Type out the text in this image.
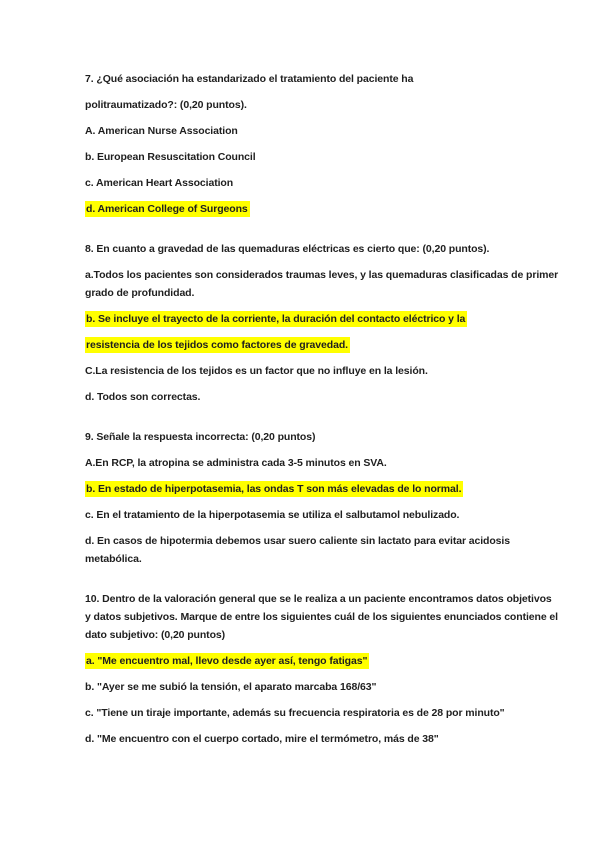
7. ¿Qué asociación ha estandarizado el tratamiento del paciente ha
politraumatizado?: (0,20 puntos).
A. American Nurse Association
b. European Resuscitation Council
c. American Heart Association
d. American College of Surgeons
8. En cuanto a gravedad de las quemaduras eléctricas es cierto que: (0,20 puntos).
a.Todos los pacientes son considerados traumas leves, y las quemaduras clasificadas de primer
grado de profundidad.
b. Se incluye el trayecto de la corriente, la duración del contacto eléctrico y la
resistencia de los tejidos como factores de gravedad.
C.La resistencia de los tejidos es un factor que no influye en la lesión.
d. Todos son correctas.
9. Señale la respuesta incorrecta: (0,20 puntos)
A.En RCP, la atropina se administra cada 3-5 minutos en SVA.
b. En estado de hiperpotasemia, las ondas T son más elevadas de lo normal.
c. En el tratamiento de la hiperpotasemia se utiliza el salbutamol nebulizado.
d. En casos de hipotermia debemos usar suero caliente sin lactato para evitar acidosis
metabólica.
10. Dentro de la valoración general que se le realiza a un paciente encontramos datos objetivos
y datos subjetivos. Marque de entre los siguientes cuál de los siguientes enunciados contiene el
dato subjetivo: (0,20 puntos)
a. "Me encuentro mal, llevo desde ayer así, tengo fatigas"
b. "Ayer se me subió la tensión, el aparato marcaba 168/63"
c. "Tiene un tiraje importante, además su frecuencia respiratoria es de 28 por minuto"
d. "Me encuentro con el cuerpo cortado, mire el termómetro, más de 38"
